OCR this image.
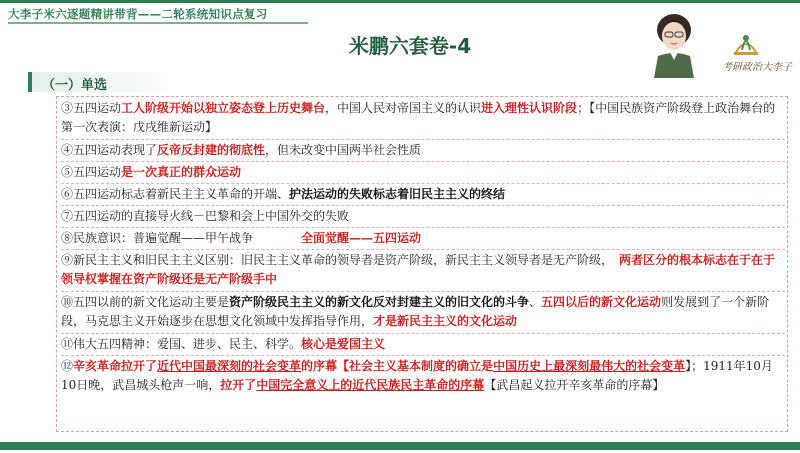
大李子米六逐题精讲带背——二轮系统知识点复习
米鹏六套卷-4
考研政治大李子
（一）单选
③五四运动工人阶级开始以独立姿态登上历史舞台，中国人民对帝国主义的认识进入理性认识阶段；【中国民族资产阶级登上政治舞台的第一次表演：戊戌维新运动】
④五四运动表现了反帝反封建的彻底性，但未改变中国两半社会性质
⑤五四运动是一次真正的群众运动
⑥五四运动标志着新民主主义革命的开端、护法运动的失败标志着旧民主主义的终结
⑦五四运动的直接导火线－巴黎和会上中国外交的失败
⑧民族意识：普遍觉醒——甲午战争　　　　全面觉醒——五四运动
⑨新民主主义和旧民主主义区别：旧民主主义革命的领导者是资产阶级，新民主主义领导者是无产阶级，　两者区分的根本标志在于在于领导权掌握在资产阶级还是无产阶级手中
⑩五四以前的新文化运动主要是资产阶级民主主义的新文化反对封建主义的旧文化的斗争、五四以后的新文化运动则发展到了一个新阶段，马克思主义开始逐步在思想文化领域中发挥指导作用，才是新民主主义的文化运动
⑪伟大五四精神：爱国、进步、民主、科学。核心是爱国主义
⑫辛亥革命拉开了近代中国最深刻的社会变革的序幕【社会主义基本制度的确立是中国历史上最深刻最伟大的社会变革】；1911年10月10日晚，武昌城头枪声一响，拉开了中国完全意义上的近代民族民主革命的序幕【武昌起义拉开辛亥革命的序幕】
